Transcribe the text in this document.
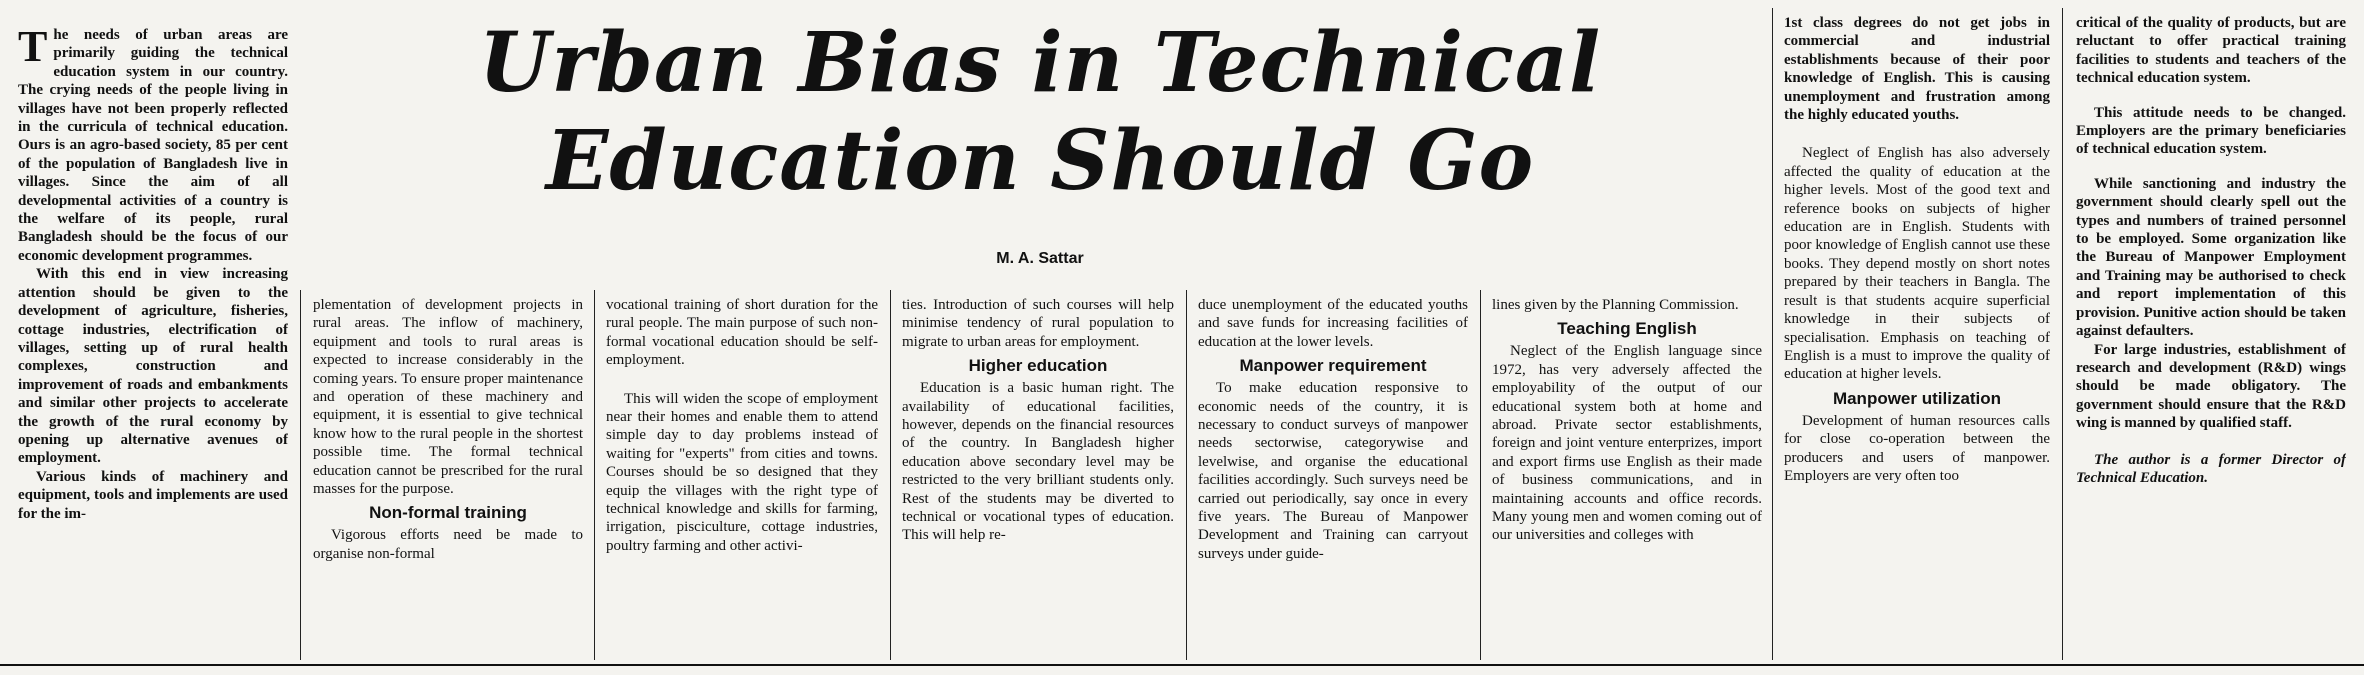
The needs of urban areas are primarily guiding the technical education system in our country. The crying needs of the people living in villages have not been properly reflected in the curricula of technical education. Ours is an agro-based society, 85 per cent of the population of Bangladesh live in villages. Since the aim of all developmental activities of a country is the welfare of its people, rural Bangladesh should be the focus of our economic development programmes.

With this end in view increasing attention should be given to the development of agriculture, fisheries, cottage industries, electrification of villages, setting up of rural health complexes, construction and improvement of roads and embankments and similar other projects to accelerate the growth of the rural economy by opening up alternative avenues of employment.

Various kinds of machinery and equipment, tools and implements are used for the im-

Urban Bias in Technical
Education Should Go
M. A. Sattar

plementation of development projects in rural areas. The inflow of machinery, equipment and tools to rural areas is expected to increase considerably in the coming years. To ensure proper maintenance and operation of these machinery and equipment, it is essential to give technical know how to the rural people in the shortest possible time. The formal technical education cannot be prescribed for the rural masses for the purpose.

Non-formal training

Vigorous efforts need be made to organise non-formal

vocational training of short duration for the rural people. The main purpose of such non-formal vocational education should be self-employment.

This will widen the scope of employment near their homes and enable them to attend simple day to day problems instead of waiting for "experts" from cities and towns. Courses should be so designed that they equip the villages with the right type of technical knowledge and skills for farming, irrigation, pisciculture, cottage industries, poultry farming and other activi-

ties. Introduction of such courses will help minimise tendency of rural population to migrate to urban areas for employment.

Higher education

Education is a basic human right. The availability of educational facilities, however, depends on the financial resources of the country. In Bangladesh higher education above secondary level may be restricted to the very brilliant students only. Rest of the students may be diverted to technical or vocational types of education. This will help re-

duce unemployment of the educated youths and save funds for increasing facilities of education at the lower levels.

Manpower requirement

To make education responsive to economic needs of the country, it is necessary to conduct surveys of manpower needs sectorwise, categorywise and levelwise, and organise the educational facilities accordingly. Such surveys need be carried out periodically, say once in every five years. The Bureau of Manpower Development and Training can carryout surveys under guide-

lines given by the Planning Commission.

Teaching English

Neglect of the English language since 1972, has very adversely affected the employability of the output of our educational system both at home and abroad. Private sector establishments, foreign and joint venture enterprizes, import and export firms use English as their made of business communications, and in maintaining accounts and office records. Many young men and women coming out of our universities and colleges with

1st class degrees do not get jobs in commercial and industrial establishments because of their poor knowledge of English. This is causing unemployment and frustration among the highly educated youths.

Neglect of English has also adversely affected the quality of education at the higher levels. Most of the good text and reference books on subjects of higher education are in English. Students with poor knowledge of English cannot use these books. They depend mostly on short notes prepared by their teachers in Bangla. The result is that students acquire superficial knowledge in their subjects of specialisation. Emphasis on teaching of English is a must to improve the quality of education at higher levels.

Manpower utilization

Development of human resources calls for close co-operation between the producers and users of manpower. Employers are very often too

critical of the quality of products, but are reluctant to offer practical training facilities to students and teachers of the technical education system.

This attitude needs to be changed. Employers are the primary beneficiaries of technical education system.

While sanctioning and industry the government should clearly spell out the types and numbers of trained personnel to be employed. Some organization like the Bureau of Manpower Employment and Training may be authorised to check and report implementation of this provision. Punitive action should be taken against defaulters.

For large industries, establishment of research and development (R&D) wings should be made obligatory. The government should ensure that the R&D wing is manned by qualified staff.

The author is a former Director of Technical Education.
